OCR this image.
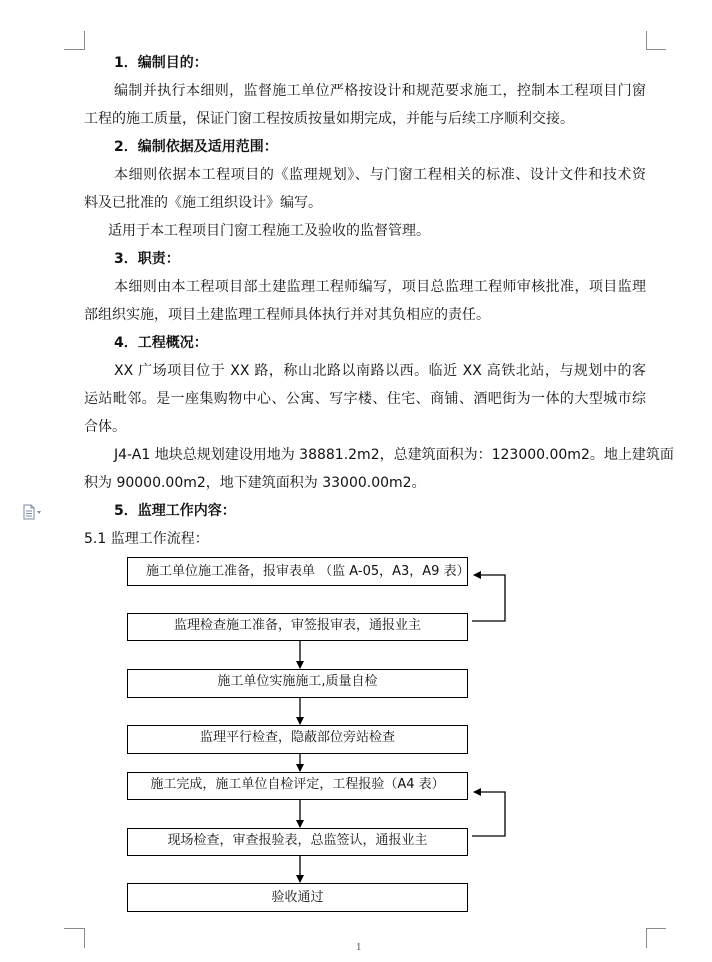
1．编制目的：
编制并执行本细则，监督施工单位严格按设计和规范要求施工，控制本工程项目门窗
工程的施工质量，保证门窗工程按质按量如期完成，并能与后续工序顺利交接。
2．编制依据及适用范围：
本细则依据本工程项目的《监理规划》、与门窗工程相关的标准、设计文件和技术资
料及已批准的《施工组织设计》编写。
适用于本工程项目门窗工程施工及验收的监督管理。
3．职责：
本细则由本工程项目部土建监理工程师编写，项目总监理工程师审核批准，项目监理
部组织实施，项目土建监理工程师具体执行并对其负相应的责任。
4．工程概况：
XX 广场项目位于 XX 路，称山北路以南路以西。临近 XX 高铁北站，与规划中的客
运站毗邻。是一座集购物中心、公寓、写字楼、住宅、商铺、酒吧街为一体的大型城市综
合体。
J4-A1 地块总规划建设用地为 38881.2m2，总建筑面积为：123000.00m2。地上建筑面
积为 90000.00m2，地下建筑面积为 33000.00m2。
5．监理工作内容：
5.1 监理工作流程：
施工单位施工准备，报审表单 （监 A-05，A3，A9 表）
监理检查施工准备，审签报审表，通报业主
施工单位实施施工,质量自检
监理平行检查，隐蔽部位旁站检查
施工完成，施工单位自检评定，工程报验（A4 表）
现场检查，审查报验表，总监签认，通报业主
验收通过
1
